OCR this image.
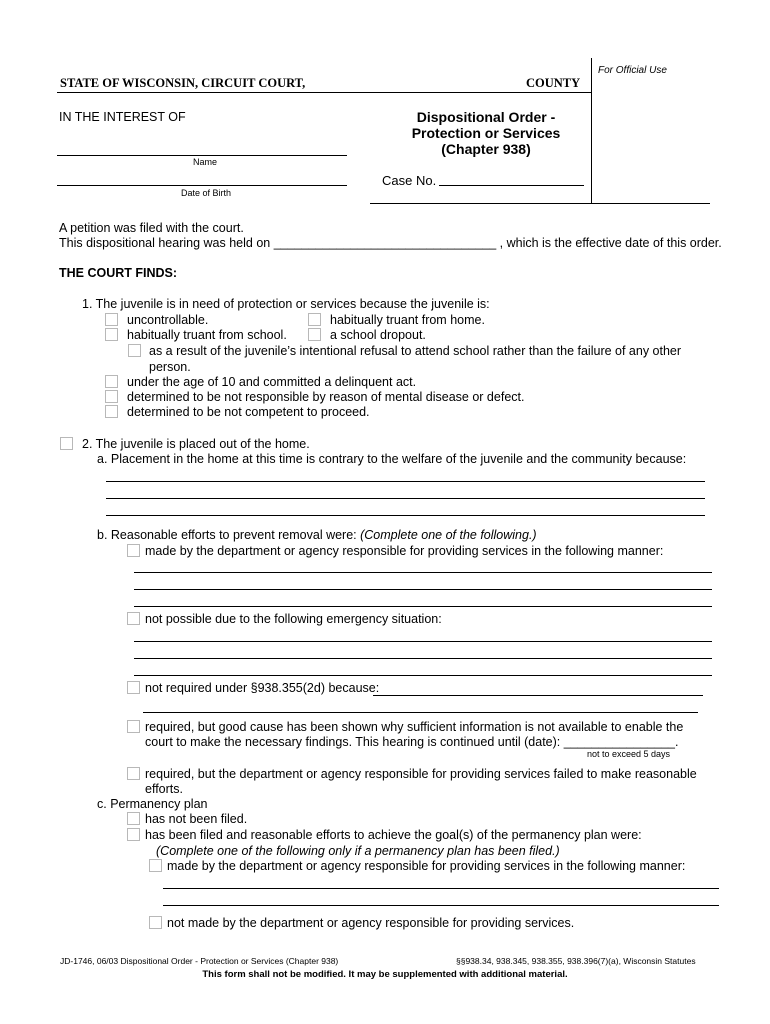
STATE OF WISCONSIN, CIRCUIT COURT,	COUNTY
For Official Use
IN THE INTEREST OF
Name
Date of Birth
Dispositional Order -
Protection or Services
(Chapter 938)
Case No.
A petition was filed with the court.
This dispositional hearing was held on ________________________________ , which is the effective date of this order.
THE COURT FINDS:
1. The juvenile is in need of protection or services because the juvenile is:
uncontrollable.	habitually truant from home.
habitually truant from school.	a school dropout.
as a result of the juvenile’s intentional refusal to attend school rather than the failure of any other
person.
under the age of 10 and committed a delinquent act.
determined to be not responsible by reason of mental disease or defect.
determined to be not competent to proceed.
2. The juvenile is placed out of the home.
a. Placement in the home at this time is contrary to the welfare of the juvenile and the community because:
b. Reasonable efforts to prevent removal were: (Complete one of the following.)
made by the department or agency responsible for providing services in the following manner:
not possible due to the following emergency situation:
not required under §938.355(2d) because:
required, but good cause has been shown why sufficient information is not available to enable the
court to make the necessary findings. This hearing is continued until (date): ________________.
not to exceed 5 days
required, but the department or agency responsible for providing services failed to make reasonable
efforts.
c. Permanency plan
has not been filed.
has been filed and reasonable efforts to achieve the goal(s) of the permanency plan were:
(Complete one of the following only if a permanency plan has been filed.)
made by the department or agency responsible for providing services in the following manner:
not made by the department or agency responsible for providing services.
JD-1746, 06/03 Dispositional Order - Protection or Services (Chapter 938)	§§938.34, 938.345, 938.355, 938.396(7)(a), Wisconsin Statutes
This form shall not be modified. It may be supplemented with additional material.
